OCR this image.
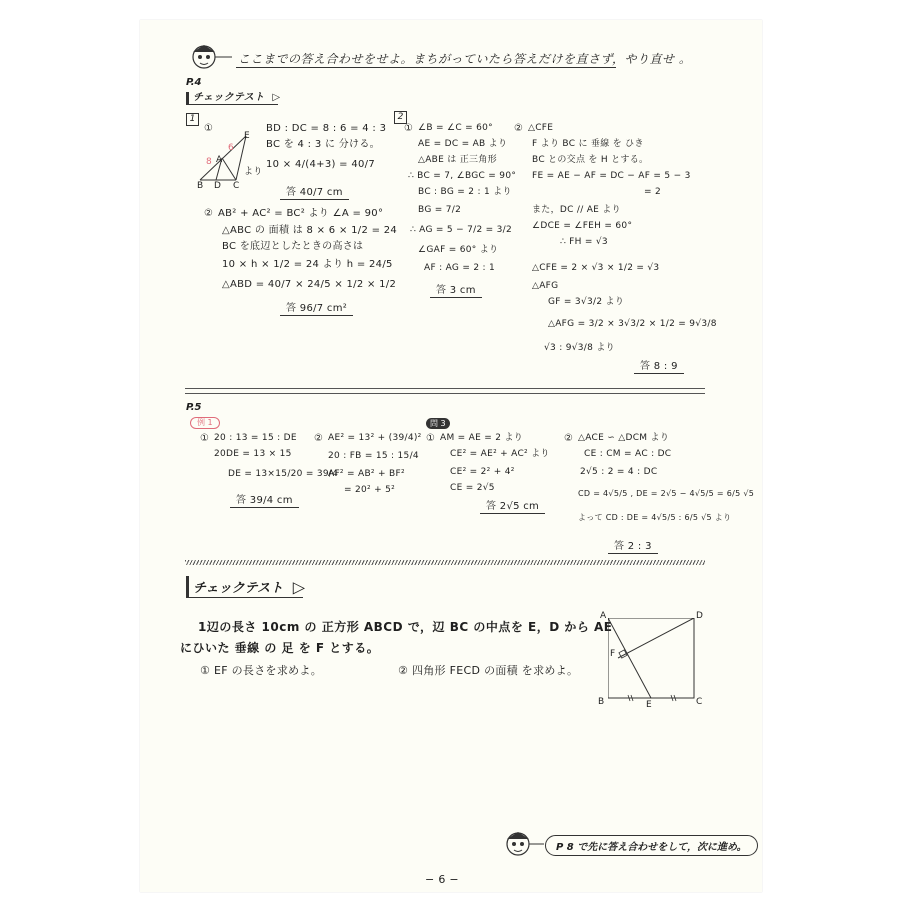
ここまでの答え合わせをせよ。まちがっていたら答えだけを直さず，やり直せ 。
P.4
チェックテスト ▷
1
E
A
B D C
6
8
より
①	BD : DC = 8 : 6 = 4 : 3
BC を 4 : 3 に 分ける。
10 × 4/(4+3) = 40/7
答 40/7 cm
② AB² + AC² = BC² より ∠A = 90°
△ABC の 面積 は 8 × 6 × 1/2 = 24
BC を底辺としたときの高さは
10 × h × 1/2 = 24 より h = 24/5
△ABD = 40/7 × 24/5 × 1/2 × 1/2
答 96/7 cm²
2
① ∠B = ∠C = 60°
AE = DC = AB より
△ABE は 正三角形
∴ BC = 7, ∠BGC = 90°
BC : BG = 2 : 1 より
BG = 7/2
∴ AG = 5 − 7/2 = 3/2
∠GAF = 60° より
AF : AG = 2 : 1
答 3 cm
② △CFE
F より BC に 垂線 を ひき
BC との交点 を H とする。
FE = AE − AF = DC − AF = 5 − 3
= 2
また，DC // AE より
∠DCE = ∠FEH = 60°
∴ FH = √3
△CFE = 2 × √3 × 1/2 = √3
△AFG
GF = 3√3/2 より
△AFG = 3/2 × 3√3/2 × 1/2 = 9√3/8
√3 : 9√3/8 より
答 8 : 9
P.5
例 1
① 20 : 13 = 15 : DE
20DE = 13 × 15
DE = 13×15/20 = 39/4
答 39/4 cm
② AE² = 13² + (39/4)²
20 : FB = 15 : 15/4
AF² = AB² + BF²
= 20² + 5²
問 3
① AM = AE = 2 より
CE² = AE² + AC² より
CE² = 2² + 4²
CE = 2√5
答 2√5 cm
② △ACE ∽ △DCM より
CE : CM = AC : DC
2√5 : 2 = 4 : DC
CD = 4√5/5 , DE = 2√5 − 4√5/5 = 6/5 √5
よって CD : DE = 4√5/5 : 6/5 √5 より
答 2 : 3
チェックテスト ▷
1辺の長さ 10cm の 正方形 ABCD で，辺 BC の中点を E，D から AE
にひいた 垂線 の 足 を F とする。
① EF の長さを求めよ。	② 四角形 FECD の面積 を求めよ。
A	D
F
B	E	C
P 8 で先に答え合わせをして，次に進め。
− 6 −
